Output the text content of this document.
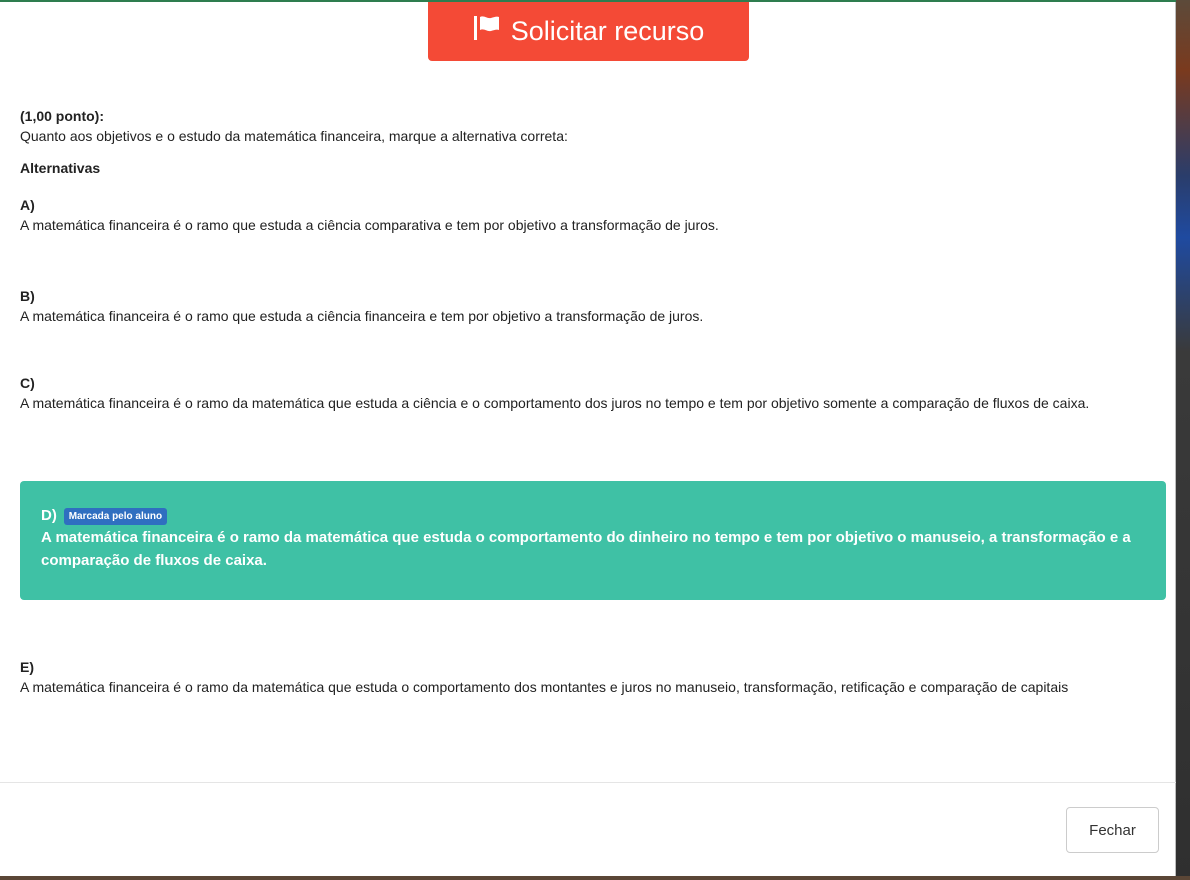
Solicitar recurso
(1,00 ponto):
Quanto aos objetivos e o estudo da matemática financeira, marque a alternativa correta:
Alternativas
A)
A matemática financeira é o ramo que estuda a ciência comparativa e tem por objetivo a transformação de juros.
B)
A matemática financeira é o ramo que estuda a ciência financeira e tem por objetivo a transformação de juros.
C)
A matemática financeira é o ramo da matemática que estuda a ciência e o comportamento dos juros no tempo e tem por objetivo somente a comparação de fluxos de caixa.
D) Marcada pelo aluno
A matemática financeira é o ramo da matemática que estuda o comportamento do dinheiro no tempo e tem por objetivo o manuseio, a transformação e a comparação de fluxos de caixa.
E)
A matemática financeira é o ramo da matemática que estuda o comportamento dos montantes e juros no manuseio, transformação, retificação e comparação de capitais
Fechar
